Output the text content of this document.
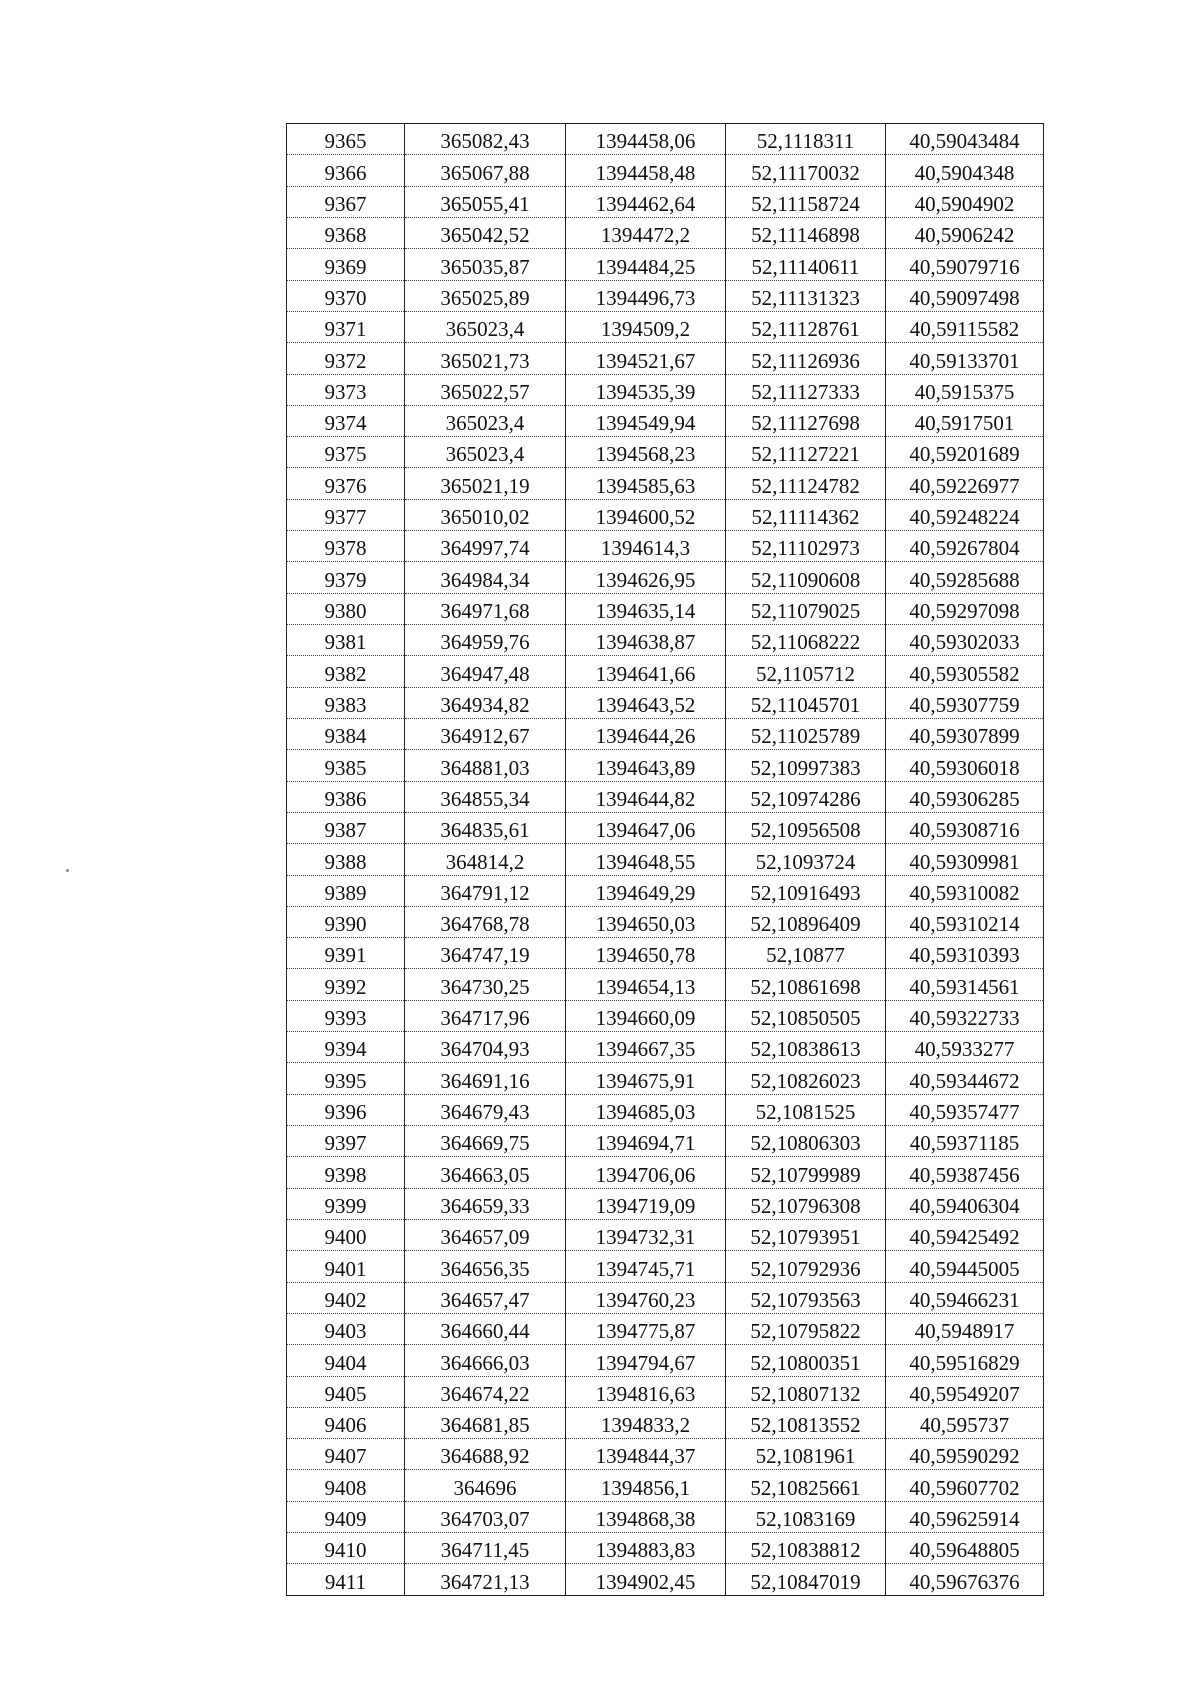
9365	365082,43	1394458,06	52,1118311	40,59043484
9366	365067,88	1394458,48	52,11170032	40,5904348
9367	365055,41	1394462,64	52,11158724	40,5904902
9368	365042,52	1394472,2	52,11146898	40,5906242
9369	365035,87	1394484,25	52,11140611	40,59079716
9370	365025,89	1394496,73	52,11131323	40,59097498
9371	365023,4	1394509,2	52,11128761	40,59115582
9372	365021,73	1394521,67	52,11126936	40,59133701
9373	365022,57	1394535,39	52,11127333	40,5915375
9374	365023,4	1394549,94	52,11127698	40,5917501
9375	365023,4	1394568,23	52,11127221	40,59201689
9376	365021,19	1394585,63	52,11124782	40,59226977
9377	365010,02	1394600,52	52,11114362	40,59248224
9378	364997,74	1394614,3	52,11102973	40,59267804
9379	364984,34	1394626,95	52,11090608	40,59285688
9380	364971,68	1394635,14	52,11079025	40,59297098
9381	364959,76	1394638,87	52,11068222	40,59302033
9382	364947,48	1394641,66	52,1105712	40,59305582
9383	364934,82	1394643,52	52,11045701	40,59307759
9384	364912,67	1394644,26	52,11025789	40,59307899
9385	364881,03	1394643,89	52,10997383	40,59306018
9386	364855,34	1394644,82	52,10974286	40,59306285
9387	364835,61	1394647,06	52,10956508	40,59308716
9388	364814,2	1394648,55	52,1093724	40,59309981
9389	364791,12	1394649,29	52,10916493	40,59310082
9390	364768,78	1394650,03	52,10896409	40,59310214
9391	364747,19	1394650,78	52,10877	40,59310393
9392	364730,25	1394654,13	52,10861698	40,59314561
9393	364717,96	1394660,09	52,10850505	40,59322733
9394	364704,93	1394667,35	52,10838613	40,5933277
9395	364691,16	1394675,91	52,10826023	40,59344672
9396	364679,43	1394685,03	52,1081525	40,59357477
9397	364669,75	1394694,71	52,10806303	40,59371185
9398	364663,05	1394706,06	52,10799989	40,59387456
9399	364659,33	1394719,09	52,10796308	40,59406304
9400	364657,09	1394732,31	52,10793951	40,59425492
9401	364656,35	1394745,71	52,10792936	40,59445005
9402	364657,47	1394760,23	52,10793563	40,59466231
9403	364660,44	1394775,87	52,10795822	40,5948917
9404	364666,03	1394794,67	52,10800351	40,59516829
9405	364674,22	1394816,63	52,10807132	40,59549207
9406	364681,85	1394833,2	52,10813552	40,595737
9407	364688,92	1394844,37	52,1081961	40,59590292
9408	364696	1394856,1	52,10825661	40,59607702
9409	364703,07	1394868,38	52,1083169	40,59625914
9410	364711,45	1394883,83	52,10838812	40,59648805
9411	364721,13	1394902,45	52,10847019	40,59676376
